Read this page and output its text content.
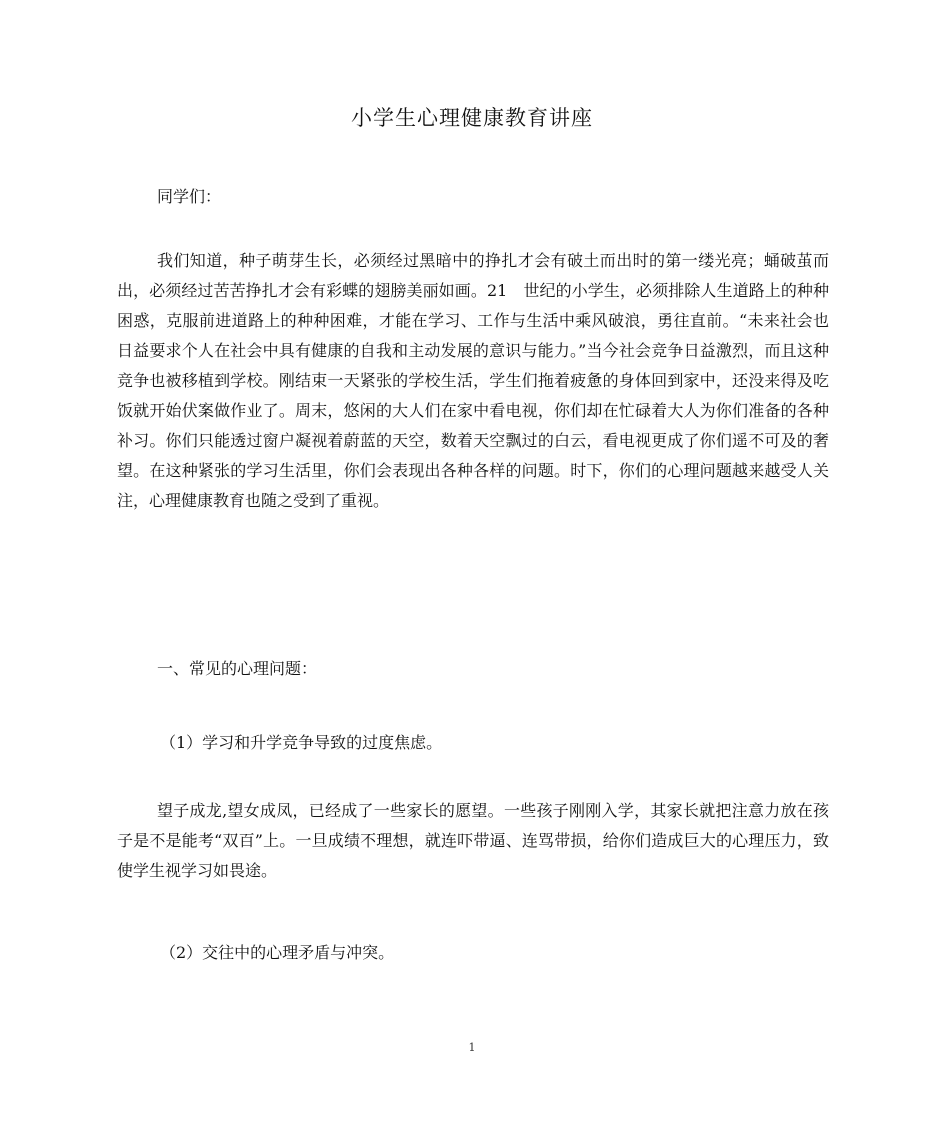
小学生心理健康教育讲座
同学们：
我们知道，种子萌芽生长，必须经过黑暗中的挣扎才会有破土而出时的第一缕光亮；蛹破茧而出，必须经过苦苦挣扎才会有彩蝶的翅膀美丽如画。21　世纪的小学生，必须排除人生道路上的种种困惑，克服前进道路上的种种困难，才能在学习、工作与生活中乘风破浪，勇往直前。“未来社会也日益要求个人在社会中具有健康的自我和主动发展的意识与能力。”当今社会竞争日益激烈，而且这种竞争也被移植到学校。刚结束一天紧张的学校生活，学生们拖着疲惫的身体回到家中，还没来得及吃饭就开始伏案做作业了。周末，悠闲的大人们在家中看电视，你们却在忙碌着大人为你们准备的各种补习。你们只能透过窗户凝视着蔚蓝的天空，数着天空飘过的白云，看电视更成了你们遥不可及的奢望。在这种紧张的学习生活里，你们会表现出各种各样的问题。时下，你们的心理问题越来越受人关注，心理健康教育也随之受到了重视。
一、常见的心理问题：
（1）学习和升学竞争导致的过度焦虑。
望子成龙,望女成凤，已经成了一些家长的愿望。一些孩子刚刚入学，其家长就把注意力放在孩子是不是能考“双百”上。一旦成绩不理想，就连吓带逼、连骂带损，给你们造成巨大的心理压力，致使学生视学习如畏途。
（2）交往中的心理矛盾与冲突。
1
